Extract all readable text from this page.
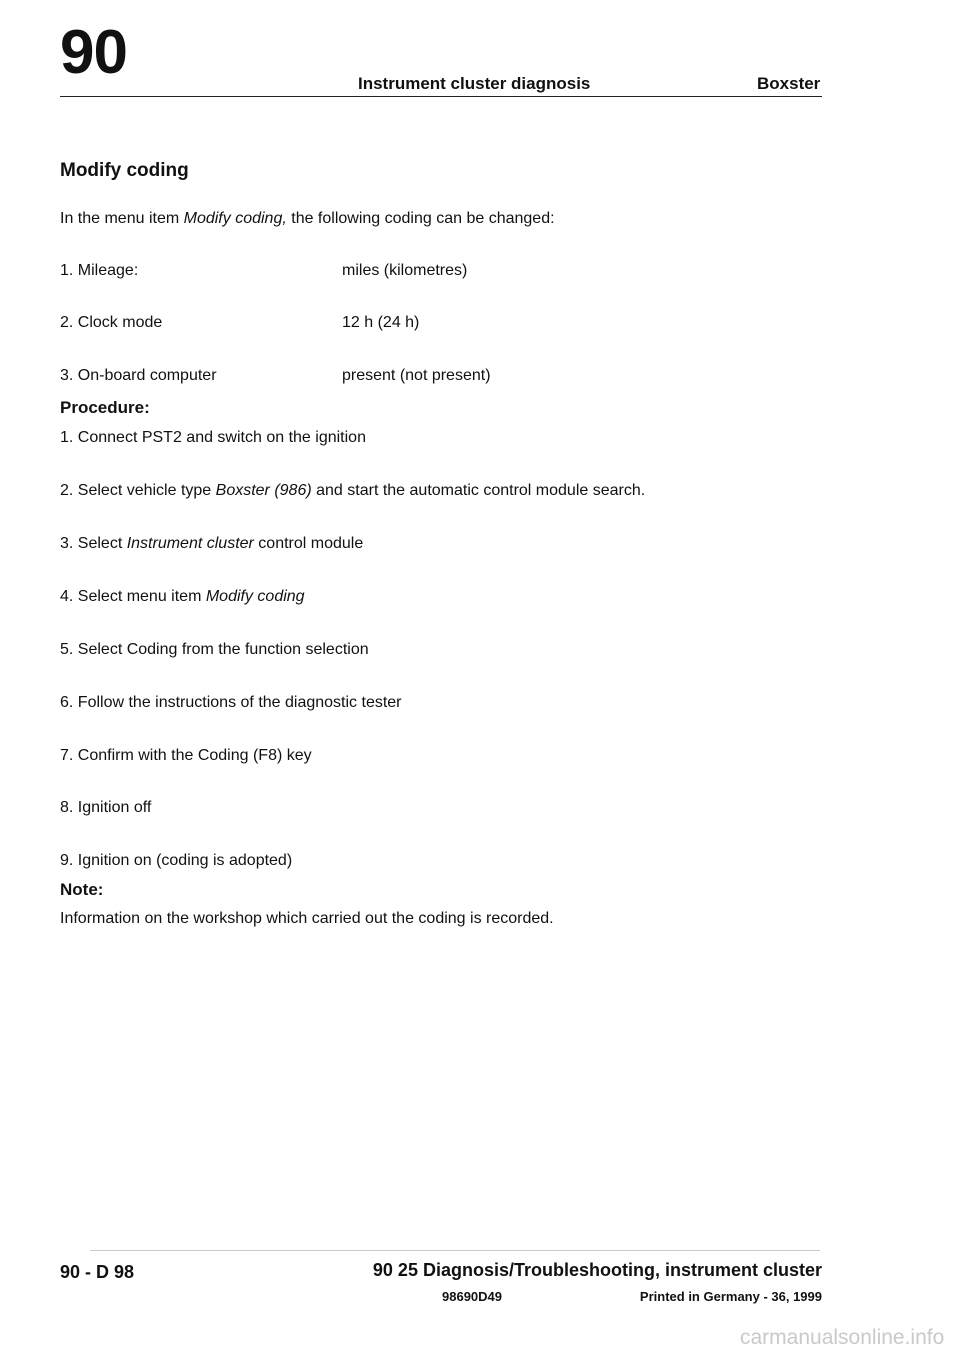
90	Instrument cluster diagnosis	Boxster
Modify coding
In the menu item Modify coding, the following coding can be changed:
1. Mileage:	miles (kilometres)
2. Clock mode	12 h (24 h)
3. On-board computer	present (not present)
Procedure:
1. Connect PST2 and switch on the ignition
2. Select vehicle type Boxster (986) and start the automatic control module search.
3. Select Instrument cluster control module
4. Select menu item Modify coding
5. Select Coding from the function selection
6. Follow the instructions of the diagnostic tester
7. Confirm with the Coding (F8) key
8. Ignition off
9. Ignition on (coding is adopted)
Note:
Information on the workshop which carried out the coding is recorded.
90 - D 98	90 25 Diagnosis/Troubleshooting, instrument cluster
98690D49	Printed in Germany - 36, 1999
carmanualsonline.info
